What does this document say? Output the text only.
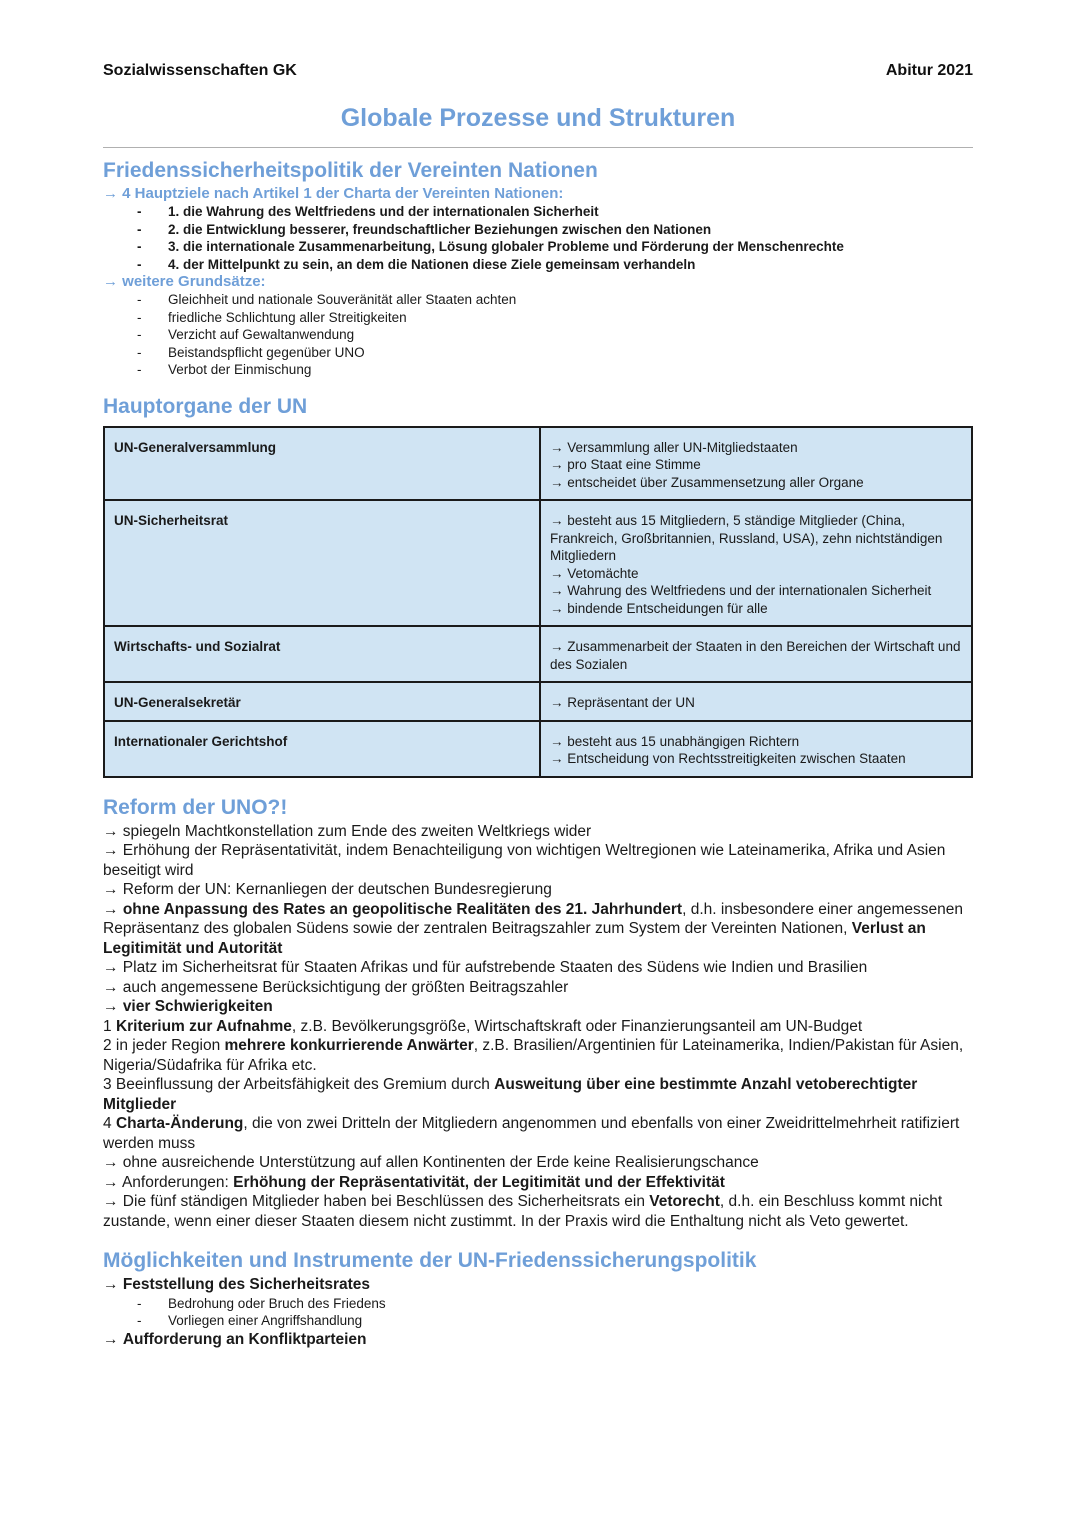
Sozialwissenschaften GK	Abitur 2021
Globale Prozesse und Strukturen
Friedenssicherheitspolitik der Vereinten Nationen
→ 4 Hauptziele nach Artikel 1 der Charta der Vereinten Nationen:
- 1. die Wahrung des Weltfriedens und der internationalen Sicherheit
- 2. die Entwicklung besserer, freundschaftlicher Beziehungen zwischen den Nationen
- 3. die internationale Zusammenarbeitung, Lösung globaler Probleme und Förderung der Menschenrechte
- 4. der Mittelpunkt zu sein, an dem die Nationen diese Ziele gemeinsam verhandeln
→ weitere Grundsätze:
- Gleichheit und nationale Souveränität aller Staaten achten
- friedliche Schlichtung aller Streitigkeiten
- Verzicht auf Gewaltanwendung
- Beistandspflicht gegenüber UNO
- Verbot der Einmischung
Hauptorgane der UN
UN-Generalversammlung	→ Versammlung aller UN-Mitgliedstaaten
→ pro Staat eine Stimme
→ entscheidet über Zusammensetzung aller Organe

UN-Sicherheitsrat	→ besteht aus 15 Mitgliedern, 5 ständige Mitglieder (China, Frankreich, Großbritannien, Russland, USA), zehn nichtständigen Mitgliedern
→ Vetomächte
→ Wahrung des Weltfriedens und der internationalen Sicherheit
→ bindende Entscheidungen für alle

Wirtschafts- und Sozialrat	→ Zusammenarbeit der Staaten in den Bereichen der Wirtschaft und des Sozialen

UN-Generalsekretär	→ Repräsentant der UN

Internationaler Gerichtshof	→ besteht aus 15 unabhängigen Richtern
→ Entscheidung von Rechtsstreitigkeiten zwischen Staaten
Reform der UNO?!

→ spiegeln Machtkonstellation zum Ende des zweiten Weltkriegs wider

→ Erhöhung der Repräsentativität, indem Benachteiligung von wichtigen Weltregionen wie Lateinamerika, Afrika und Asien beseitigt wird

→ Reform der UN: Kernanliegen der deutschen Bundesregierung

→ ohne Anpassung des Rates an geopolitische Realitäten des 21. Jahrhundert, d.h. insbesondere einer angemessenen Repräsentanz des globalen Südens sowie der zentralen Beitragszahler zum System der Vereinten Nationen, Verlust an Legitimität und Autorität

→ Platz im Sicherheitsrat für Staaten Afrikas und für aufstrebende Staaten des Südens wie Indien und Brasilien

→ auch angemessene Berücksichtigung der größten Beitragszahler

→ vier Schwierigkeiten

1 Kriterium zur Aufnahme, z.B. Bevölkerungsgröße, Wirtschaftskraft oder Finanzierungsanteil am UN-Budget

2 in jeder Region mehrere konkurrierende Anwärter, z.B. Brasilien/Argentinien für Lateinamerika, Indien/Pakistan für Asien, Nigeria/Südafrika für Afrika etc.

3 Beeinflussung der Arbeitsfähigkeit des Gremium durch Ausweitung über eine bestimmte Anzahl vetoberechtigter Mitglieder

4 Charta-Änderung, die von zwei Dritteln der Mitgliedern angenommen und ebenfalls von einer Zweidrittelmehrheit ratifiziert werden muss

→ ohne ausreichende Unterstützung auf allen Kontinenten der Erde keine Realisierungschance

→ Anforderungen: Erhöhung der Repräsentativität, der Legitimität und der Effektivität

→ Die fünf ständigen Mitglieder haben bei Beschlüssen des Sicherheitsrats ein Vetorecht, d.h. ein Beschluss kommt nicht zustande, wenn einer dieser Staaten diesem nicht zustimmt. In der Praxis wird die Enthaltung nicht als Veto gewertet.

Möglichkeiten und Instrumente der UN-Friedenssicherungspolitik

→ Feststellung des Sicherheitsrates

- Bedrohung oder Bruch des Friedens
- Vorliegen einer Angriffshandlung

→ Aufforderung an Konfliktparteien
